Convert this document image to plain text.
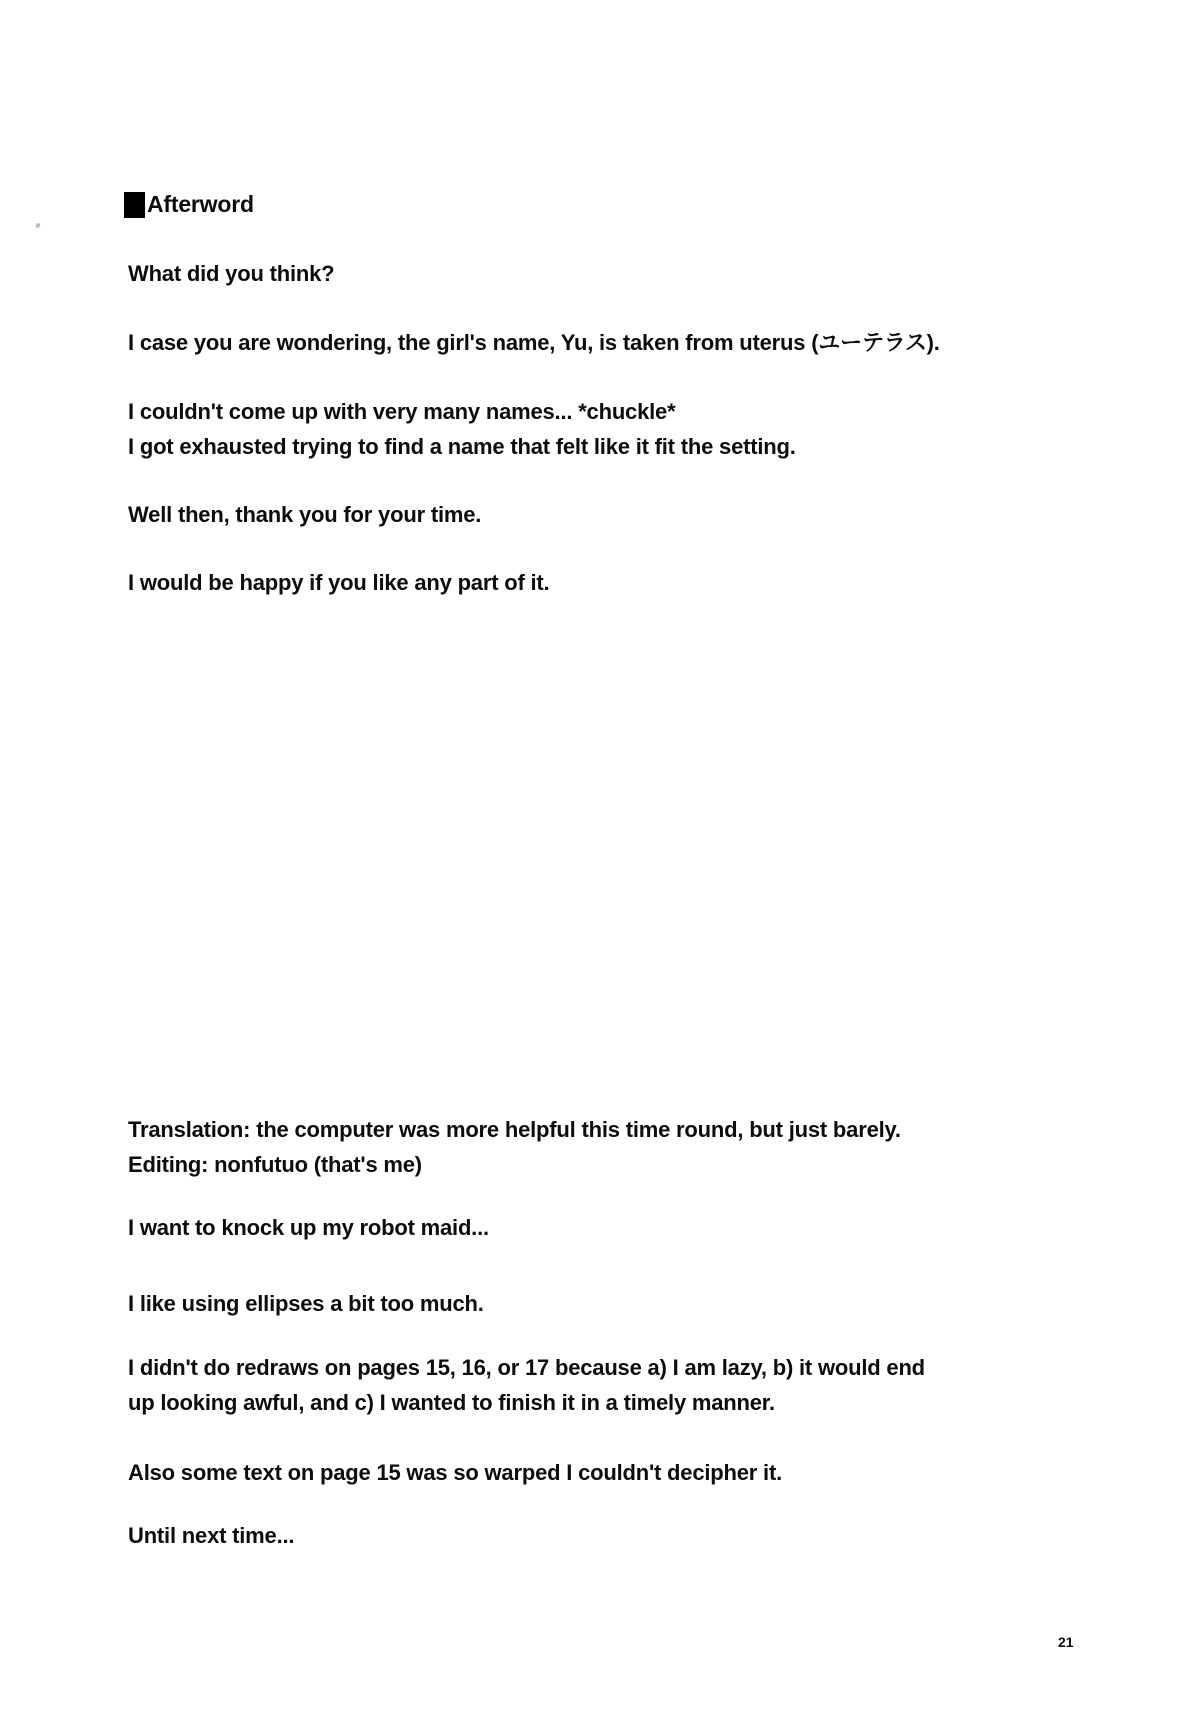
Afterword
What did you think?
I case you are wondering, the girl's name, Yu, is taken from uterus (ユーテラス).
I couldn't come up with very many names... *chuckle*
I got exhausted trying to find a name that felt like it fit the setting.
Well then, thank you for your time.
I would be happy if you like any part of it.
Translation: the computer was more helpful this time round, but just barely.
Editing: nonfutuo (that's me)
I want to knock up my robot maid...
I like using ellipses a bit too much.
I didn't do redraws on pages 15, 16, or 17 because a) I am lazy, b) it would end
up looking awful, and c) I wanted to finish it in a timely manner.
Also some text on page 15 was so warped I couldn't decipher it.
Until next time...
21
